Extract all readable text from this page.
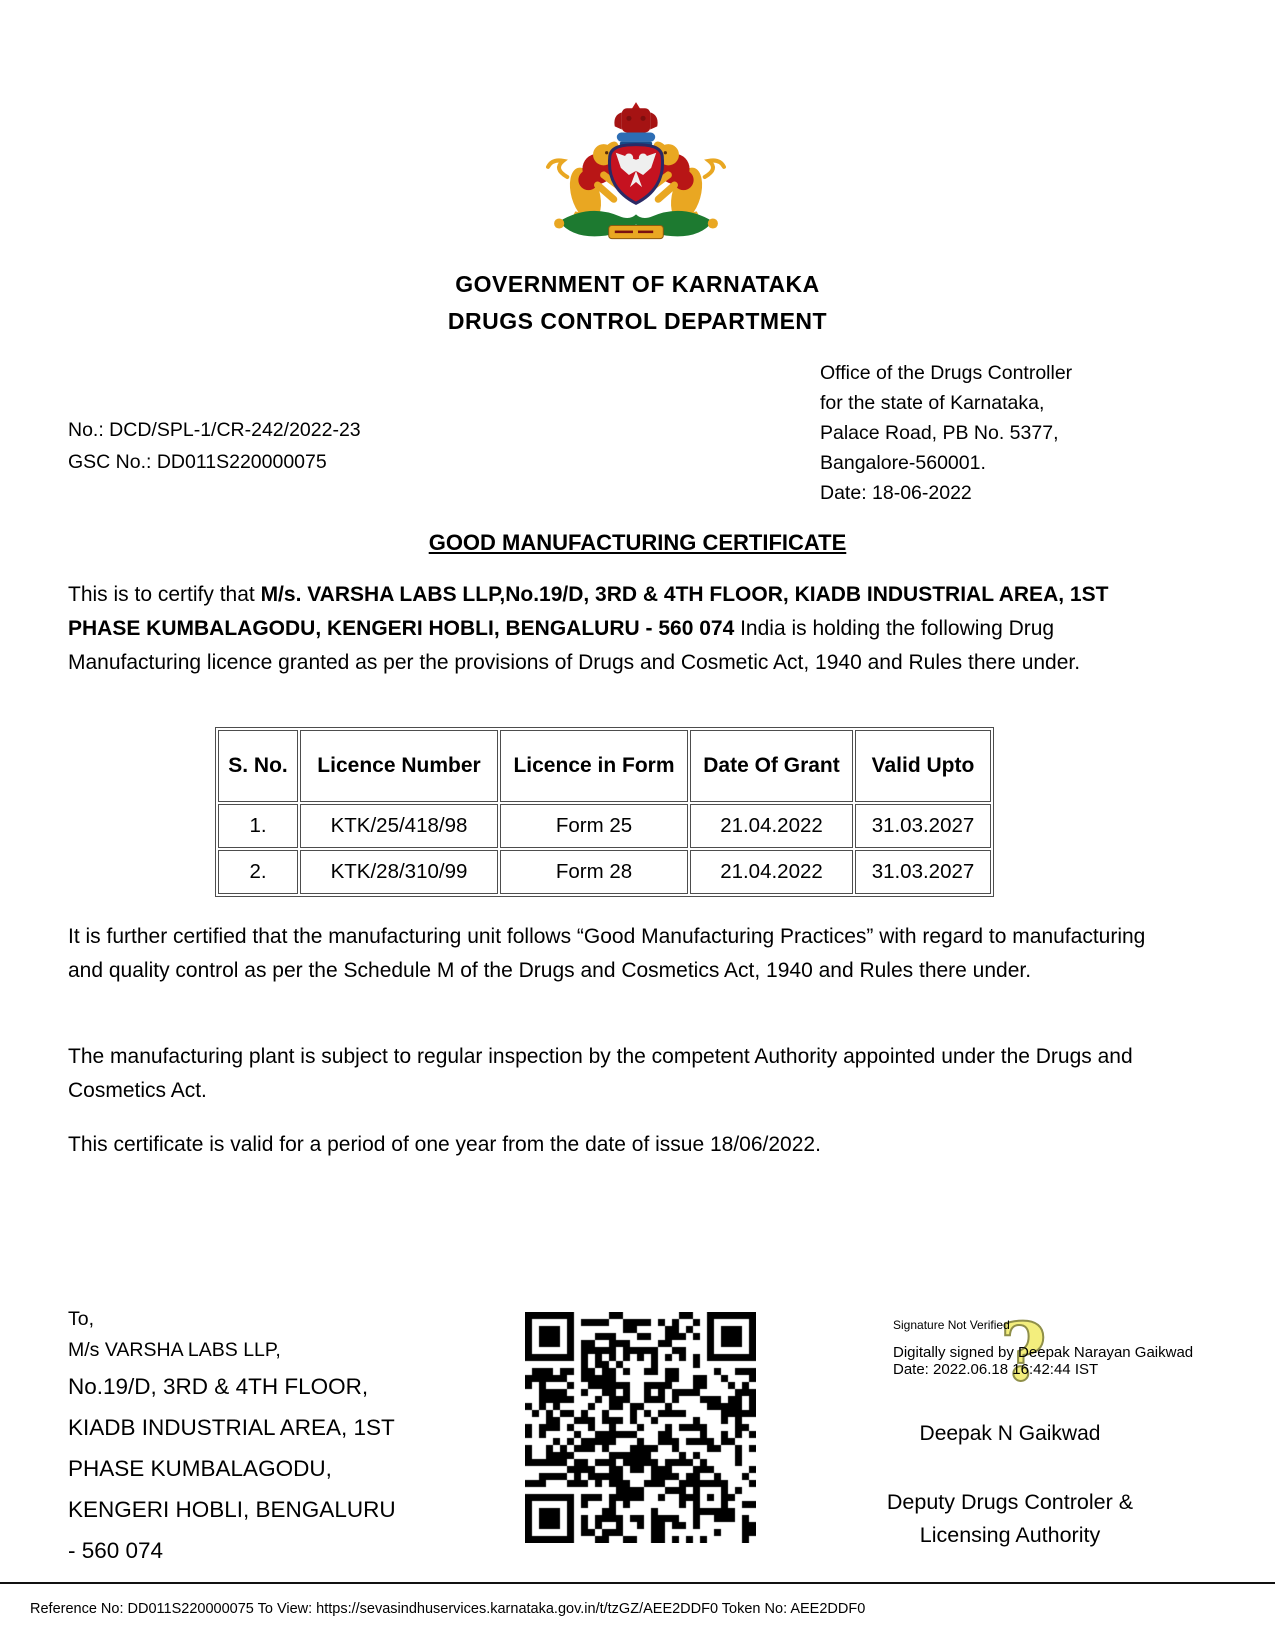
GOVERNMENT OF KARNATAKA
DRUGS CONTROL DEPARTMENT
No.: DCD/SPL-1/CR-242/2022-23
GSC No.: DD011S220000075
Office of the Drugs Controller
for the state of Karnataka,
Palace Road, PB No. 5377,
Bangalore-560001.
Date: 18-06-2022
GOOD MANUFACTURING CERTIFICATE

This is to certify that M/s. VARSHA LABS LLP,No.19/D, 3RD & 4TH FLOOR, KIADB INDUSTRIAL AREA, 1ST PHASE KUMBALAGODU, KENGERI HOBLI, BENGALURU - 560 074 India is holding the following Drug Manufacturing licence granted as per the provisions of Drugs and Cosmetic Act, 1940 and Rules there under.

S. No.	Licence Number	Licence in Form	Date Of Grant	Valid Upto
1.	KTK/25/418/98	Form 25	21.04.2022	31.03.2027
2.	KTK/28/310/99	Form 28	21.04.2022	31.03.2027

It is further certified that the manufacturing unit follows “Good Manufacturing Practices” with regard to manufacturing and quality control as per the Schedule M of the Drugs and Cosmetics Act, 1940 and Rules there under.

The manufacturing plant is subject to regular inspection by the competent Authority appointed under the Drugs and Cosmetics Act.

This certificate is valid for a period of one year from the date of issue 18/06/2022.

To,
M/s VARSHA LABS LLP,
No.19/D, 3RD & 4TH FLOOR,
KIADB INDUSTRIAL AREA, 1ST
PHASE KUMBALAGODU,
KENGERI HOBLI, BENGALURU
- 560 074
?
Signature Not Verified
Digitally signed by Deepak Narayan Gaikwad
Date: 2022.06.18 16:42:44 IST
Deepak N Gaikwad
Deputy Drugs Controler &
Licensing Authority
Reference No: DD011S220000075 To View: https://sevasindhuservices.karnataka.gov.in/t/tzGZ/AEE2DDF0 Token No: AEE2DDF0
